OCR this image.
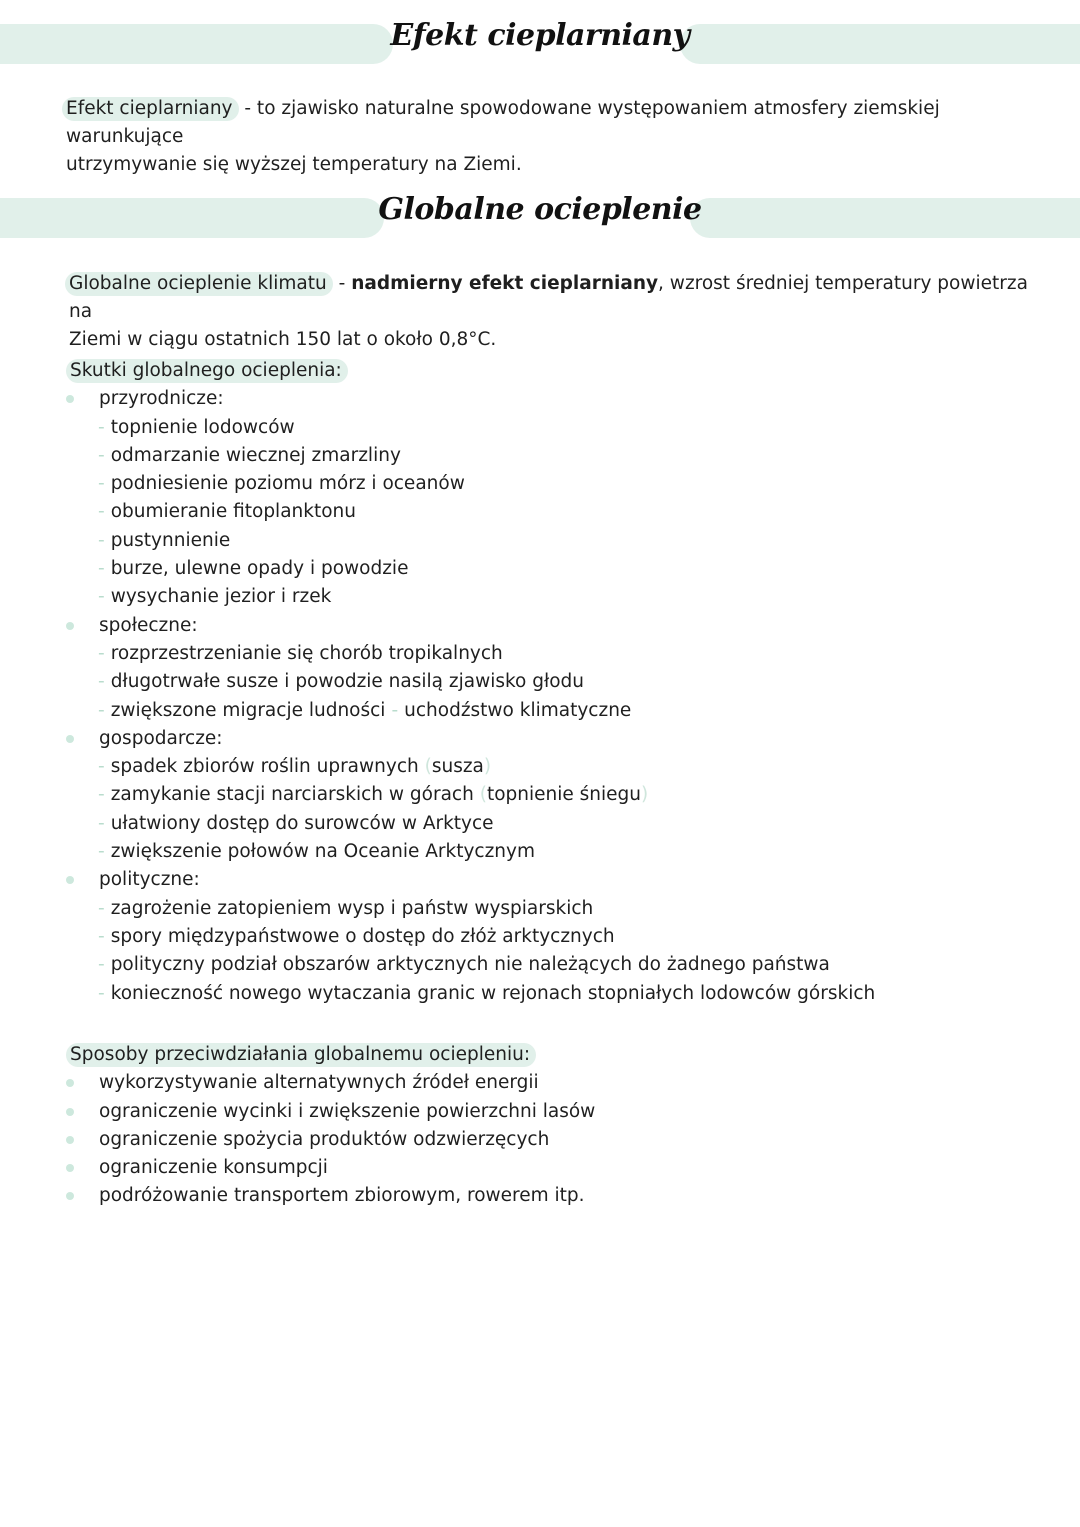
Efekt cieplarniany
Efekt cieplarniany - to zjawisko naturalne spowodowane występowaniem atmosfery ziemskiej warunkujące
utrzymywanie się wyższej temperatury na Ziemi.
Globalne ocieplenie
Globalne ocieplenie klimatu - nadmierny efekt cieplarniany, wzrost średniej temperatury powietrza na
Ziemi w ciągu ostatnich 150 lat o około 0,8°C.
Skutki globalnego ocieplenia:
przyrodnicze:
- topnienie lodowców
- odmarzanie wiecznej zmarzliny
- podniesienie poziomu mórz i oceanów
- obumieranie fitoplanktonu
- pustynnienie
- burze, ulewne opady i powodzie
- wysychanie jezior i rzek
społeczne:
- rozprzestrzenianie się chorób tropikalnych
- długotrwałe susze i powodzie nasilą zjawisko głodu
- zwiększone migracje ludności - uchodźstwo klimatyczne
gospodarcze:
- spadek zbiorów roślin uprawnych (susza)
- zamykanie stacji narciarskich w górach (topnienie śniegu)
- ułatwiony dostęp do surowców w Arktyce
- zwiększenie połowów na Oceanie Arktycznym
polityczne:
- zagrożenie zatopieniem wysp i państw wyspiarskich
- spory międzypaństwowe o dostęp do złóż arktycznych
- polityczny podział obszarów arktycznych nie należących do żadnego państwa
- konieczność nowego wytaczania granic w rejonach stopniałych lodowców górskich
Sposoby przeciwdziałania globalnemu ociepleniu:
wykorzystywanie alternatywnych źródeł energii
ograniczenie wycinki i zwiększenie powierzchni lasów
ograniczenie spożycia produktów odzwierzęcych
ograniczenie konsumpcji
podróżowanie transportem zbiorowym, rowerem itp.
